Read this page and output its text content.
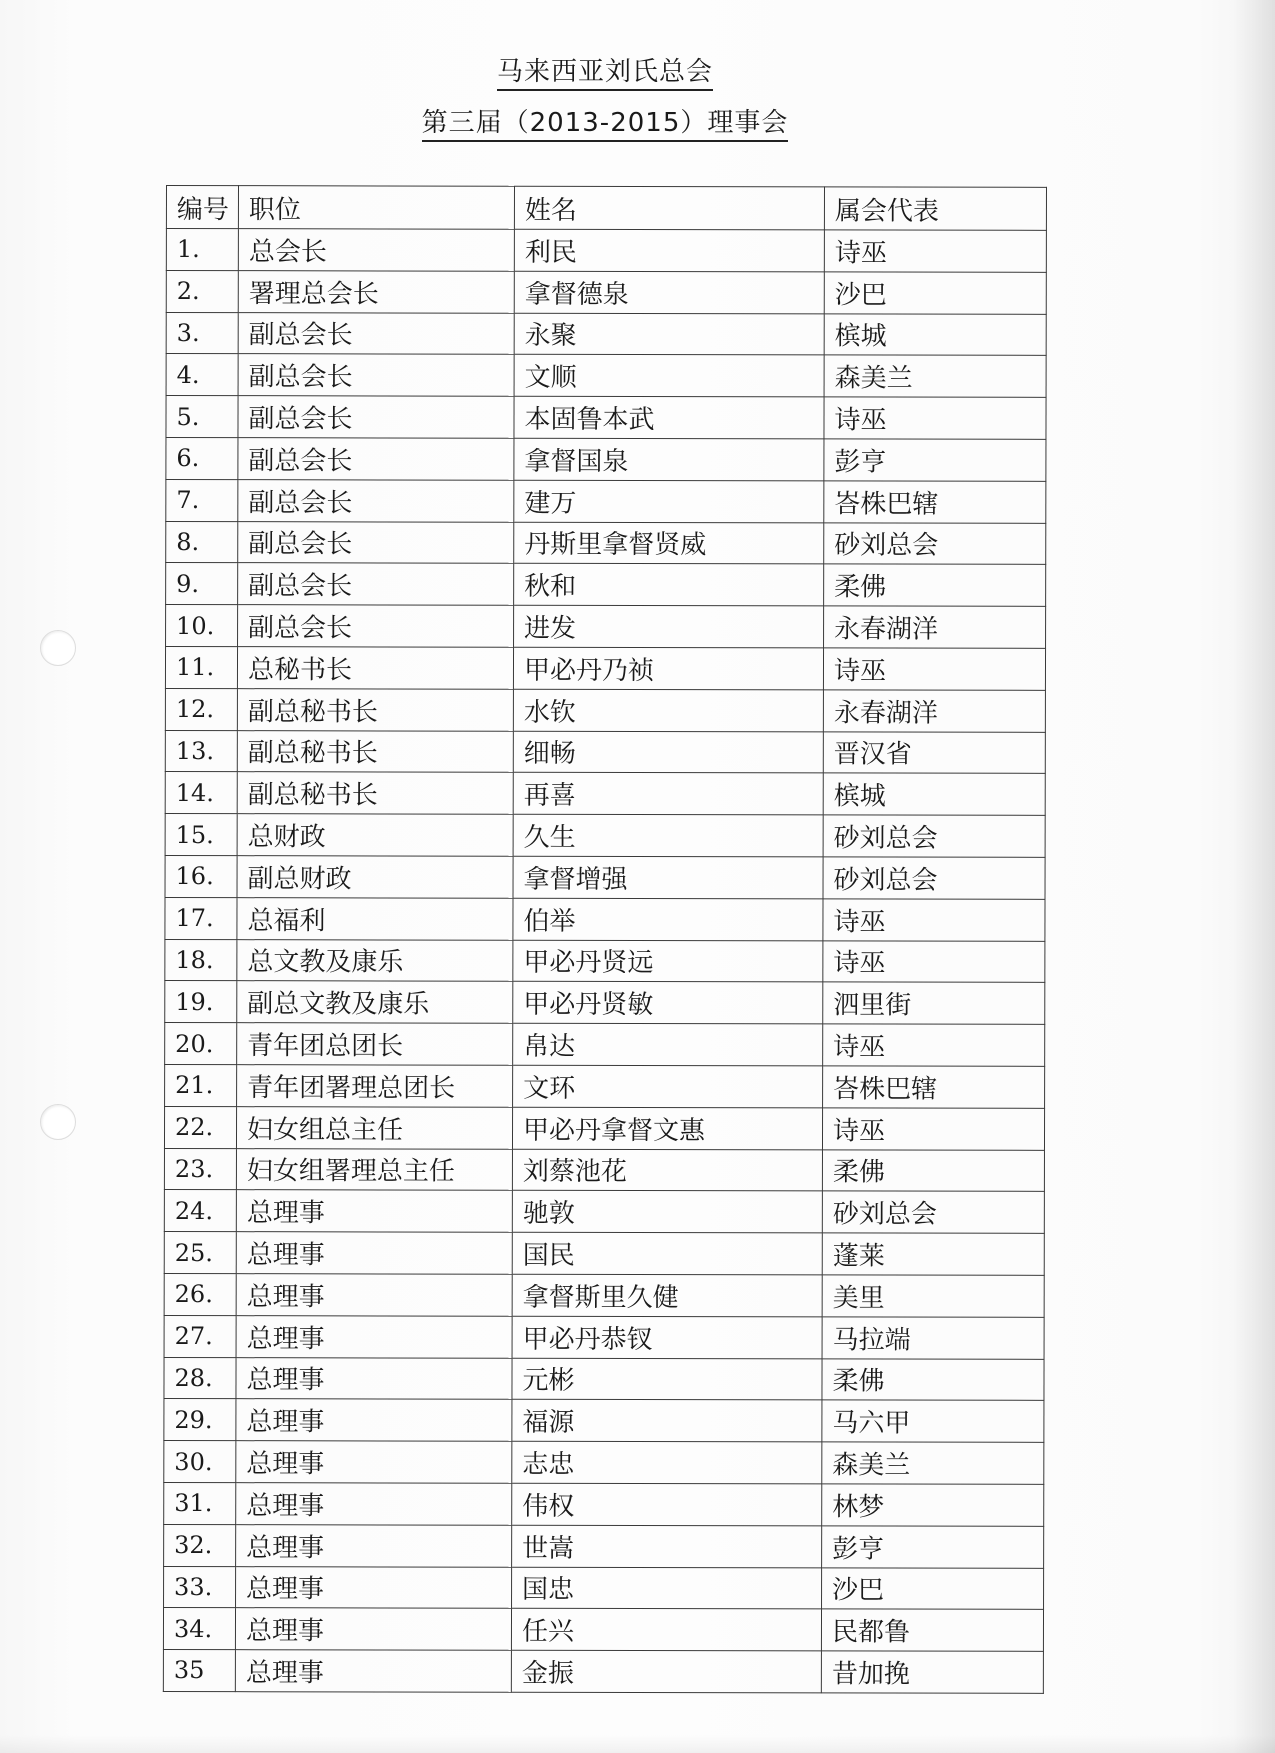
马来西亚刘氏总会
第三届（2013-2015）理事会
编号	职位	姓名	属会代表
1.	总会长	利民	诗巫
2.	署理总会长	拿督德泉	沙巴
3.	副总会长	永聚	槟城
4.	副总会长	文顺	森美兰
5.	副总会长	本固鲁本武	诗巫
6.	副总会长	拿督国泉	彭亨
7.	副总会长	建万	峇株巴辖
8.	副总会长	丹斯里拿督贤威	砂刘总会
9.	副总会长	秋和	柔佛
10.	副总会长	进发	永春湖洋
11.	总秘书长	甲必丹乃祯	诗巫
12.	副总秘书长	水钦	永春湖洋
13.	副总秘书长	细畅	晋汉省
14.	副总秘书长	再喜	槟城
15.	总财政	久生	砂刘总会
16.	副总财政	拿督增强	砂刘总会
17.	总福利	伯举	诗巫
18.	总文教及康乐	甲必丹贤远	诗巫
19.	副总文教及康乐	甲必丹贤敏	泗里街
20.	青年团总团长	帛达	诗巫
21.	青年团署理总团长	文环	峇株巴辖
22.	妇女组总主任	甲必丹拿督文惠	诗巫
23.	妇女组署理总主任	刘蔡池花	柔佛
24.	总理事	驰敦	砂刘总会
25.	总理事	国民	蓬莱
26.	总理事	拿督斯里久健	美里
27.	总理事	甲必丹恭钗	马拉端
28.	总理事	元彬	柔佛
29.	总理事	福源	马六甲
30.	总理事	志忠	森美兰
31.	总理事	伟权	林梦
32.	总理事	世嵩	彭亨
33.	总理事	国忠	沙巴
34.	总理事	任兴	民都鲁
35	总理事	金振	昔加挽
